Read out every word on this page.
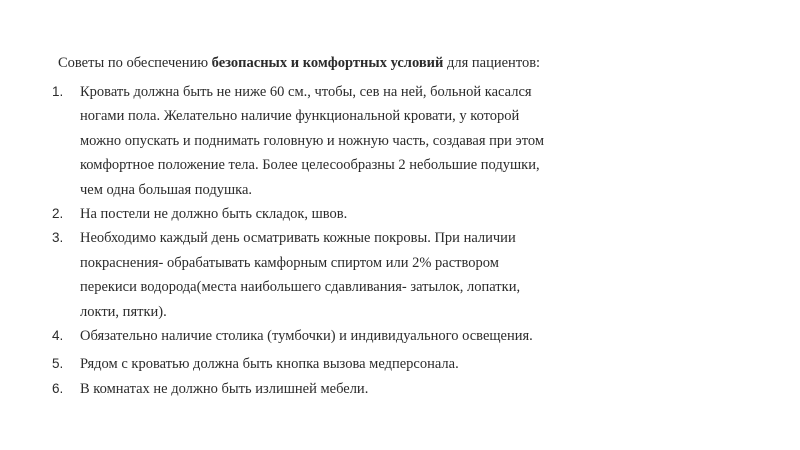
Советы по обеспечению безопасных и комфортных условий для пациентов:
1. Кровать должна быть не ниже 60 см., чтобы, сев на ней, больной касался
ногами пола. Желательно наличие функциональной кровати, у которой
можно опускать и поднимать головную и ножную часть, создавая при этом
комфортное положение тела. Более целесообразны 2 небольшие подушки,
чем одна большая подушка.
2. На постели не должно быть складок, швов.
3. Необходимо каждый день осматривать кожные покровы. При наличии
покраснения- обрабатывать камфорным спиртом или 2% раствором
перекиси водорода(места наибольшего сдавливания- затылок, лопатки,
локти, пятки).
4. Обязательно наличие столика (тумбочки) и индивидуального освещения.
5. Рядом с кроватью должна быть кнопка вызова медперсонала.
6. В комнатах не должно быть излишней мебели.
